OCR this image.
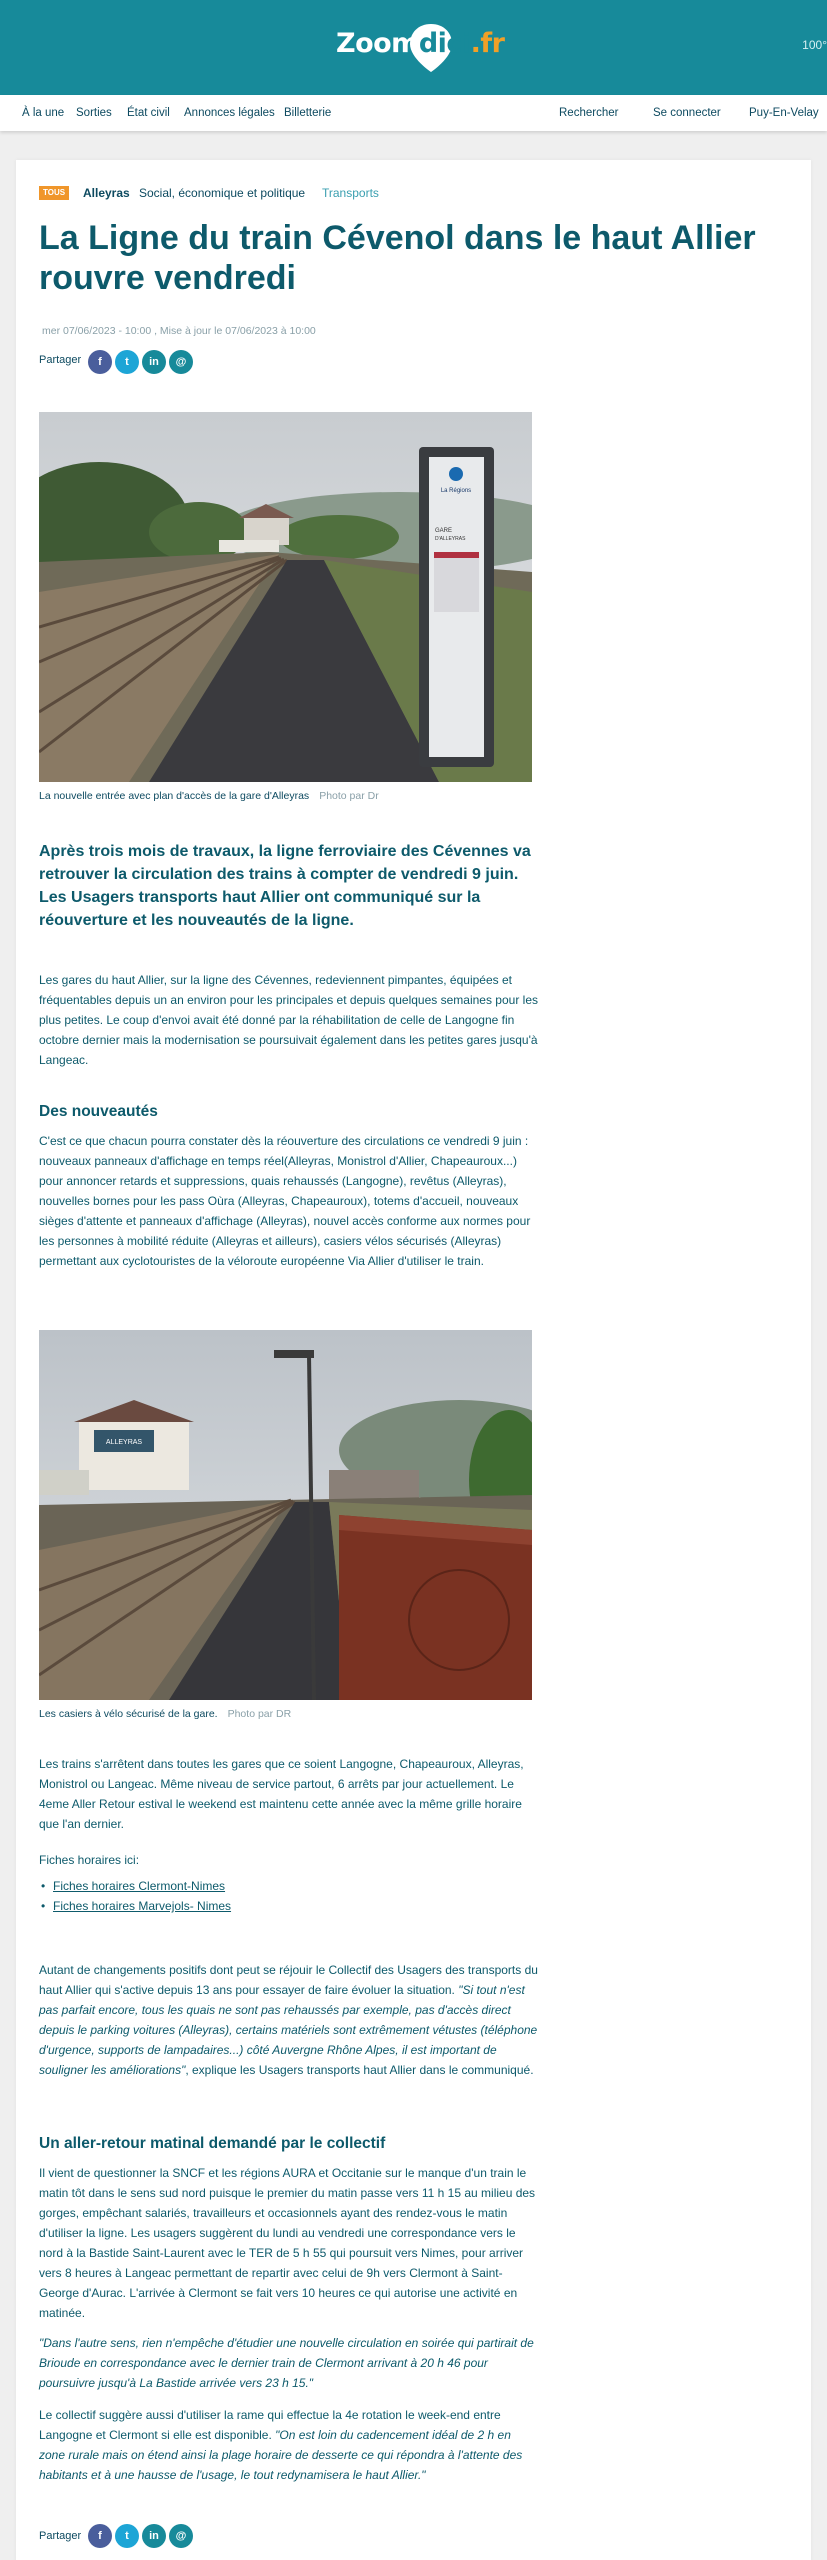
Zoomdici.fr	100°
À la une Sorties État civil Annonces légales Billetterie	Rechercher	Se connecter Puy-En-Velay
TOUS	Alleyras Social, économique et politique Transports
La Ligne du train Cévenol dans le haut Allier rouvre vendredi
mer 07/06/2023 - 10:00 , Mise à jour le 07/06/2023 à 10:00
Partager	f	t	in	@
La Régions
GARE
D'ALLEYRAS
La nouvelle entrée avec plan d'accès de la gare d'Alleyras Photo par Dr
Après trois mois de travaux, la ligne ferroviaire des Cévennes va retrouver la circulation des trains à compter de vendredi 9 juin. Les Usagers transports haut Allier ont communiqué sur la réouverture et les nouveautés de la ligne.
Les gares du haut Allier, sur la ligne des Cévennes, redeviennent pimpantes, équipées et fréquentables depuis un an environ pour les principales et depuis quelques semaines pour les plus petites. Le coup d'envoi avait été donné par la réhabilitation de celle de Langogne fin octobre dernier mais la modernisation se poursuivait également dans les petites gares jusqu'à Langeac.
Des nouveautés
C'est ce que chacun pourra constater dès la réouverture des circulations ce vendredi 9 juin : nouveaux panneaux d'affichage en temps réel(Alleyras, Monistrol d'Allier, Chapeauroux...) pour annoncer retards et suppressions, quais rehaussés (Langogne), revêtus (Alleyras), nouvelles bornes pour les pass Oùra (Alleyras, Chapeauroux), totems d'accueil, nouveaux sièges d'attente et panneaux d'affichage (Alleyras), nouvel accès conforme aux normes pour les personnes à mobilité réduite (Alleyras et ailleurs), casiers vélos sécurisés (Alleyras) permettant aux cyclotouristes de la véloroute européenne Via Allier d'utiliser le train.
ALLEYRAS
Les casiers à vélo sécurisé de la gare. Photo par DR
Les trains s'arrêtent dans toutes les gares que ce soient Langogne, Chapeauroux, Alleyras, Monistrol ou Langeac. Même niveau de service partout, 6 arrêts par jour actuellement. Le 4eme Aller Retour estival le weekend est maintenu cette année avec la même grille horaire que l'an dernier.
Fiches horaires ici:
• Fiches horaires Clermont-Nimes
• Fiches horaires Marvejols- Nimes
Autant de changements positifs dont peut se réjouir le Collectif des Usagers des transports du haut Allier qui s'active depuis 13 ans pour essayer de faire évoluer la situation. "Si tout n'est pas parfait encore, tous les quais ne sont pas rehaussés par exemple, pas d'accès direct depuis le parking voitures (Alleyras), certains matériels sont extrêmement vétustes (téléphone d'urgence, supports de lampadaires...) côté Auvergne Rhône Alpes, il est important de souligner les améliorations", explique les Usagers transports haut Allier dans le communiqué.
Un aller-retour matinal demandé par le collectif
Il vient de questionner la SNCF et les régions AURA et Occitanie sur le manque d'un train le matin tôt dans le sens sud nord puisque le premier du matin passe vers 11 h 15 au milieu des gorges, empêchant salariés, travailleurs et occasionnels ayant des rendez-vous le matin d'utiliser la ligne. Les usagers suggèrent du lundi au vendredi une correspondance vers le nord à la Bastide Saint-Laurent avec le TER de 5 h 55 qui poursuit vers Nimes, pour arriver vers 8 heures à Langeac permettant de repartir avec celui de 9h vers Clermont à Saint-George d'Aurac. L'arrivée à Clermont se fait vers 10 heures ce qui autorise une activité en matinée.
"Dans l'autre sens, rien n'empêche d'étudier une nouvelle circulation en soirée qui partirait de Brioude en correspondance avec le dernier train de Clermont arrivant à 20 h 46 pour poursuivre jusqu'à La Bastide arrivée vers 23 h 15."
Le collectif suggère aussi d'utiliser la rame qui effectue la 4e rotation le week-end entre Langogne et Clermont si elle est disponible. "On est loin du cadencement idéal de 2 h en zone rurale mais on étend ainsi la plage horaire de desserte ce qui répondra à l'attente des habitants et à une hausse de l'usage, le tout redynamisera le haut Allier."
Partager	f	t	in	@
